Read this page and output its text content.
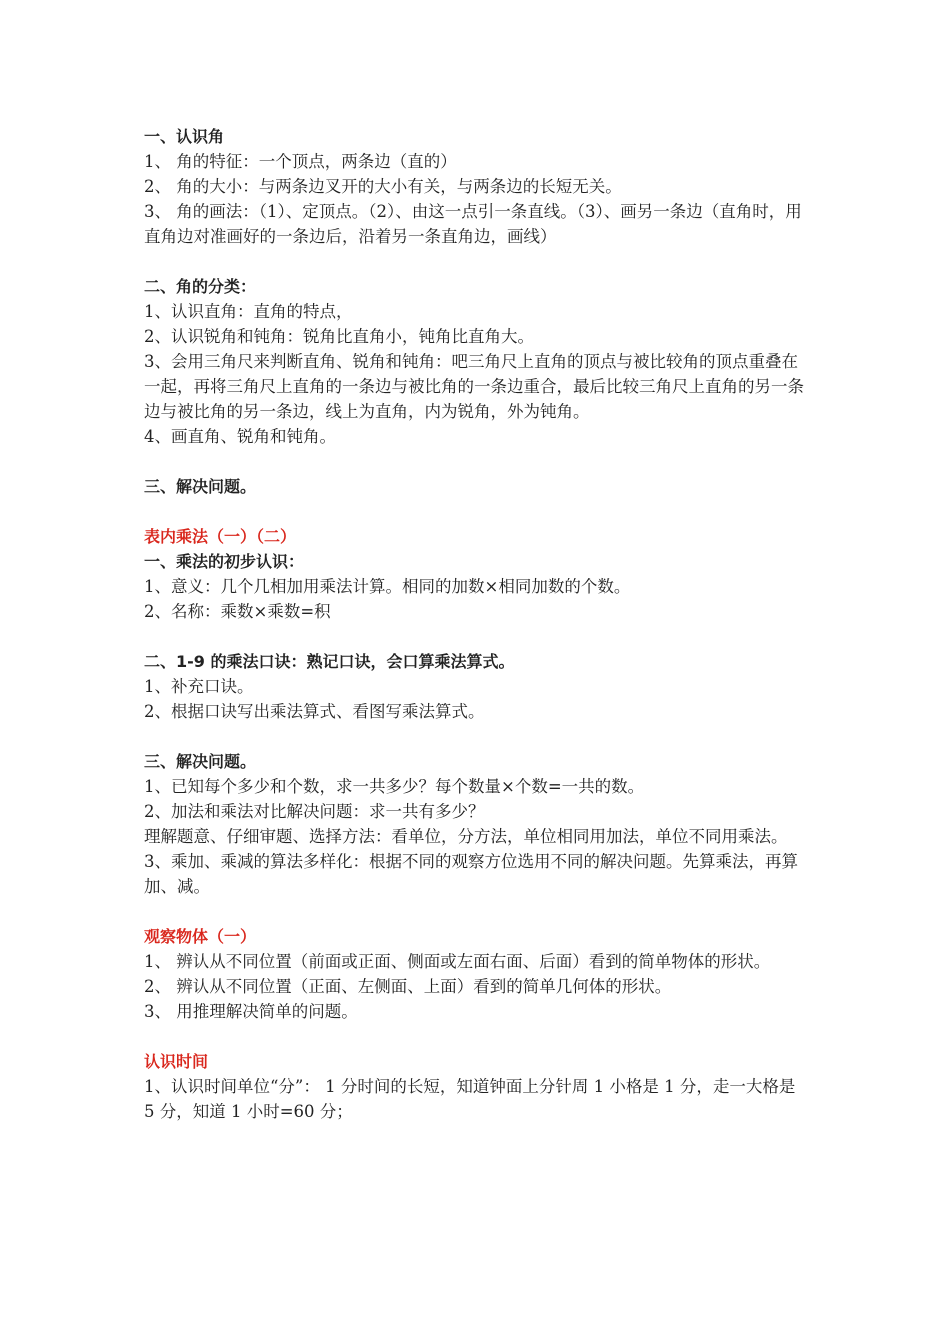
一、认识角
1、 角的特征：一个顶点，两条边（直的）
2、 角的大小：与两条边叉开的大小有关，与两条边的长短无关。
3、 角的画法：（1）、定顶点。（2）、由这一点引一条直线。（3）、画另一条边（直角时，用直角边对准画好的一条边后，沿着另一条直角边，画线）
二、角的分类：
1、认识直角：直角的特点，
2、认识锐角和钝角：锐角比直角小，钝角比直角大。
3、会用三角尺来判断直角、锐角和钝角：吧三角尺上直角的顶点与被比较角的顶点重叠在一起，再将三角尺上直角的一条边与被比角的一条边重合，最后比较三角尺上直角的另一条边与被比角的另一条边，线上为直角，内为锐角，外为钝角。
4、画直角、锐角和钝角。
三、解决问题。
表内乘法（一）（二）
一、乘法的初步认识：
1、意义：几个几相加用乘法计算。相同的加数×相同加数的个数。
2、名称：乘数×乘数=积
二、1-9 的乘法口诀：熟记口诀，会口算乘法算式。
1、补充口诀。
2、根据口诀写出乘法算式、看图写乘法算式。
三、解决问题。
1、已知每个多少和个数，求一共多少？每个数量×个数=一共的数。
2、加法和乘法对比解决问题：求一共有多少？
理解题意、仔细审题、选择方法：看单位，分方法，单位相同用加法，单位不同用乘法。
3、乘加、乘减的算法多样化：根据不同的观察方位选用不同的解决问题。先算乘法，再算加、减。
观察物体（一）
1、 辨认从不同位置（前面或正面、侧面或左面右面、后面）看到的简单物体的形状。
2、 辨认从不同位置（正面、左侧面、上面）看到的简单几何体的形状。
3、 用推理解决简单的问题。
认识时间
1、认识时间单位“分”： 1 分时间的长短，知道钟面上分针周 1 小格是 1 分，走一大格是 5 分，知道 1 小时=60 分；
